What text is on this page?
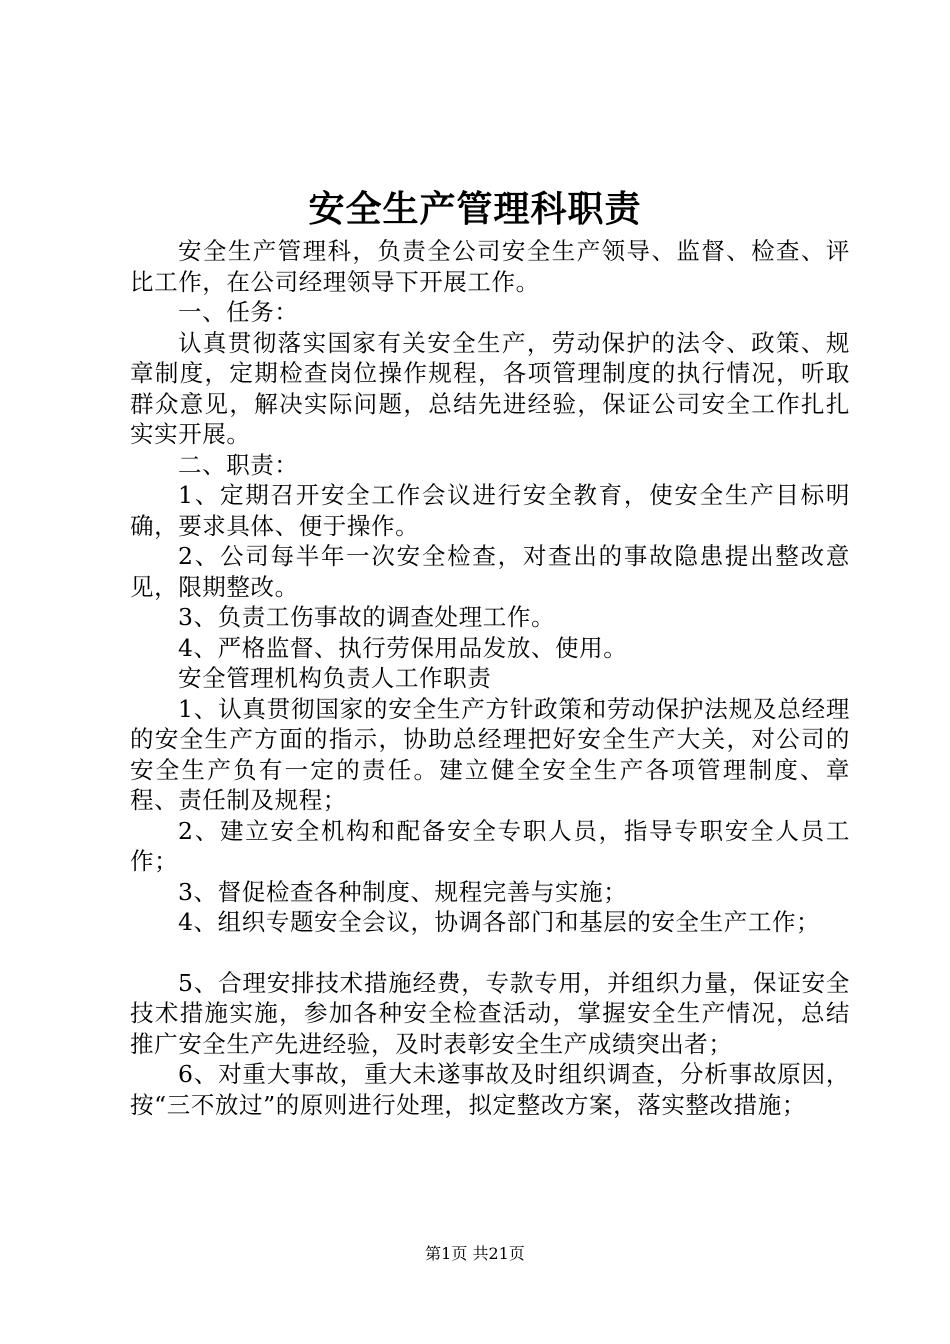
安全生产管理科职责

安全生产管理科，负责全公司安全生产领导、监督、检查、评比工作，在公司经理领导下开展工作。

一、任务：

认真贯彻落实国家有关安全生产，劳动保护的法令、政策、规章制度，定期检查岗位操作规程，各项管理制度的执行情况，听取群众意见，解决实际问题，总结先进经验，保证公司安全工作扎扎实实开展。

二、职责：

1、定期召开安全工作会议进行安全教育，使安全生产目标明确，要求具体、便于操作。

2、公司每半年一次安全检查，对查出的事故隐患提出整改意见，限期整改。

3、负责工伤事故的调查处理工作。

4、严格监督、执行劳保用品发放、使用。

安全管理机构负责人工作职责

1、认真贯彻国家的安全生产方针政策和劳动保护法规及总经理的安全生产方面的指示，协助总经理把好安全生产大关，对公司的安全生产负有一定的责任。建立健全安全生产各项管理制度、章程、责任制及规程；

2、建立安全机构和配备安全专职人员，指导专职安全人员工作；

3、督促检查各种制度、规程完善与实施；

4、组织专题安全会议，协调各部门和基层的安全生产工作；

5、合理安排技术措施经费，专款专用，并组织力量，保证安全技术措施实施，参加各种安全检查活动，掌握安全生产情况，总结推广安全生产先进经验，及时表彰安全生产成绩突出者；

6、对重大事故，重大未遂事故及时组织调查，分析事故原因，按“三不放过”的原则进行处理，拟定整改方案，落实整改措施；

第1页 共21页
